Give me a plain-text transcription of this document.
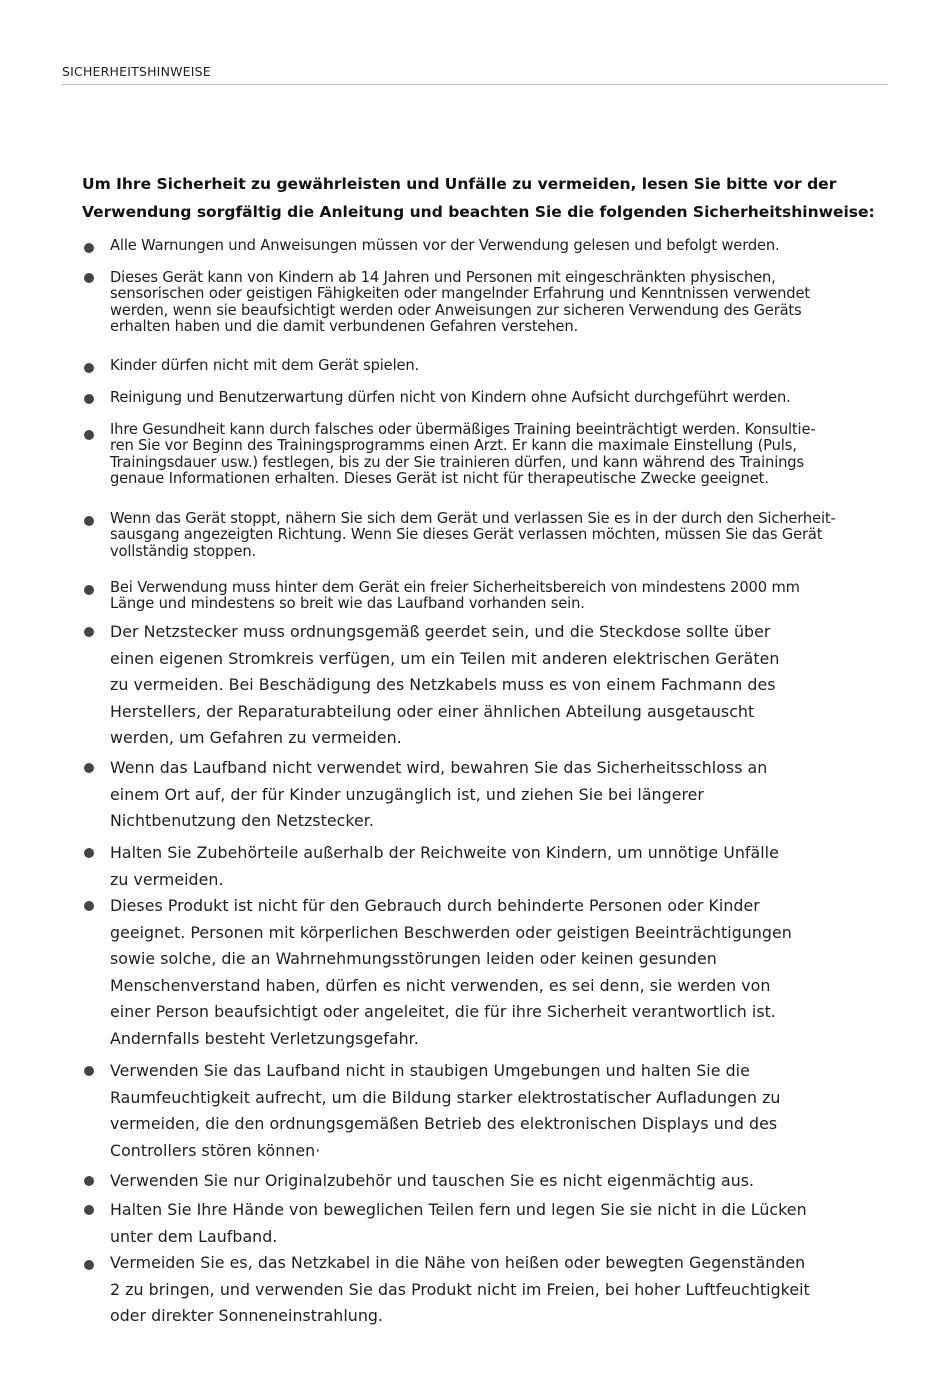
SICHERHEITSHINWEISE
Um Ihre Sicherheit zu gewährleisten und Unfälle zu vermeiden, lesen Sie bitte vor der
Verwendung sorgfältig die Anleitung und beachten Sie die folgenden Sicherheitshinweise:
Alle Warnungen und Anweisungen müssen vor der Verwendung gelesen und befolgt werden.
Dieses Gerät kann von Kindern ab 14 Jahren und Personen mit eingeschränkten physischen,
sensorischen oder geistigen Fähigkeiten oder mangelnder Erfahrung und Kenntnissen verwendet
werden, wenn sie beaufsichtigt werden oder Anweisungen zur sicheren Verwendung des Geräts
erhalten haben und die damit verbundenen Gefahren verstehen.
Kinder dürfen nicht mit dem Gerät spielen.
Reinigung und Benutzerwartung dürfen nicht von Kindern ohne Aufsicht durchgeführt werden.
Ihre Gesundheit kann durch falsches oder übermäßiges Training beeinträchtigt werden. Konsultie-
ren Sie vor Beginn des Trainingsprogramms einen Arzt. Er kann die maximale Einstellung (Puls,
Trainingsdauer usw.) festlegen, bis zu der Sie trainieren dürfen, und kann während des Trainings
genaue Informationen erhalten. Dieses Gerät ist nicht für therapeutische Zwecke geeignet.
Wenn das Gerät stoppt, nähern Sie sich dem Gerät und verlassen Sie es in der durch den Sicherheit-
sausgang angezeigten Richtung. Wenn Sie dieses Gerät verlassen möchten, müssen Sie das Gerät
vollständig stoppen.
Bei Verwendung muss hinter dem Gerät ein freier Sicherheitsbereich von mindestens 2000 mm
Länge und mindestens so breit wie das Laufband vorhanden sein.
Der Netzstecker muss ordnungsgemäß geerdet sein, und die Steckdose sollte über
einen eigenen Stromkreis verfügen, um ein Teilen mit anderen elektrischen Geräten
zu vermeiden. Bei Beschädigung des Netzkabels muss es von einem Fachmann des
Herstellers, der Reparaturabteilung oder einer ähnlichen Abteilung ausgetauscht
werden, um Gefahren zu vermeiden.
Wenn das Laufband nicht verwendet wird, bewahren Sie das Sicherheitsschloss an
einem Ort auf, der für Kinder unzugänglich ist, und ziehen Sie bei längerer
Nichtbenutzung den Netzstecker.
Halten Sie Zubehörteile außerhalb der Reichweite von Kindern, um unnötige Unfälle
zu vermeiden.
Dieses Produkt ist nicht für den Gebrauch durch behinderte Personen oder Kinder
geeignet. Personen mit körperlichen Beschwerden oder geistigen Beeinträchtigungen
sowie solche, die an Wahrnehmungsstörungen leiden oder keinen gesunden
Menschenverstand haben, dürfen es nicht verwenden, es sei denn, sie werden von
einer Person beaufsichtigt oder angeleitet, die für ihre Sicherheit verantwortlich ist.
Andernfalls besteht Verletzungsgefahr.
Verwenden Sie das Laufband nicht in staubigen Umgebungen und halten Sie die
Raumfeuchtigkeit aufrecht, um die Bildung starker elektrostatischer Aufladungen zu
vermeiden, die den ordnungsgemäßen Betrieb des elektronischen Displays und des
Controllers stören können·
Verwenden Sie nur Originalzubehör und tauschen Sie es nicht eigenmächtig aus.
Halten Sie Ihre Hände von beweglichen Teilen fern und legen Sie sie nicht in die Lücken
unter dem Laufband.
Vermeiden Sie es, das Netzkabel in die Nähe von heißen oder bewegten Gegenständen
2 zu bringen, und verwenden Sie das Produkt nicht im Freien, bei hoher Luftfeuchtigkeit
oder direkter Sonneneinstrahlung.
